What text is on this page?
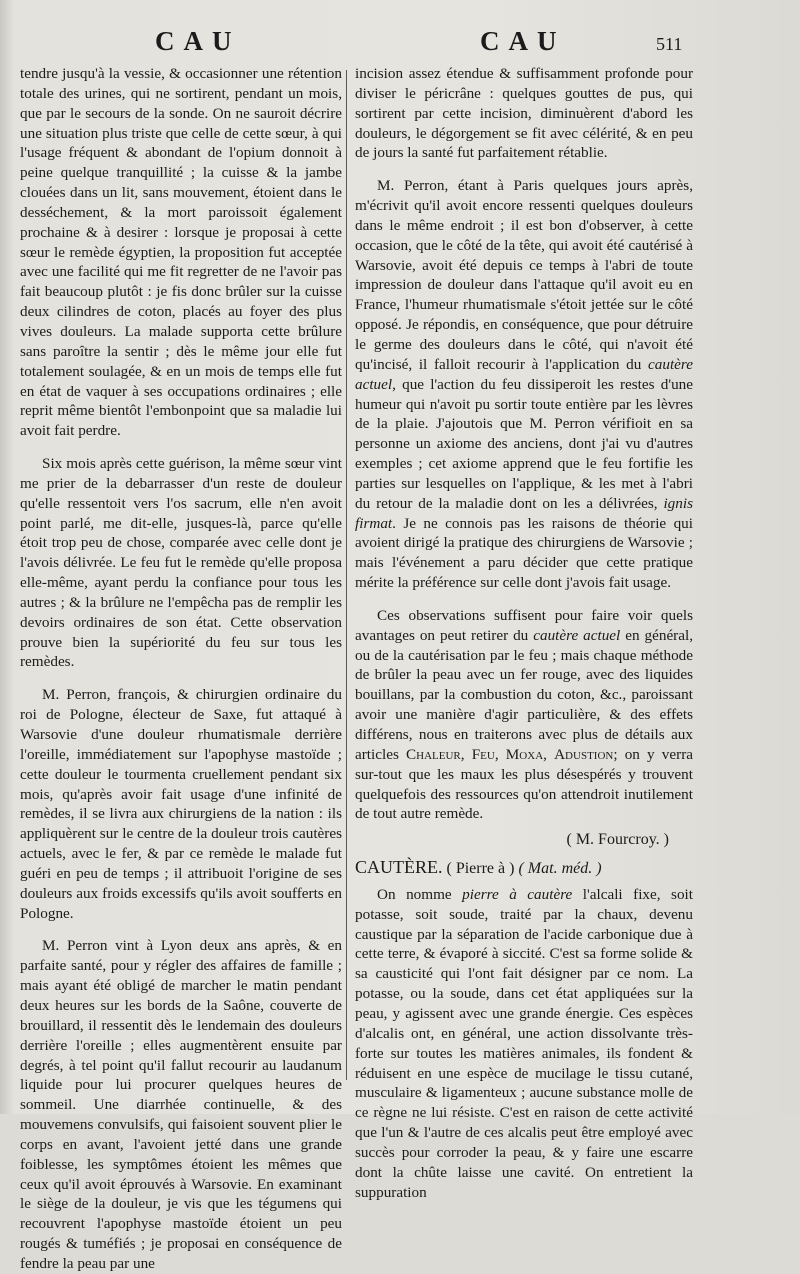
CAU	CAU	511

tendre jusqu'à la vessie, & occasionner une rétention totale des urines, qui ne sortirent, pendant un mois, que par le secours de la sonde. On ne sauroit décrire une situation plus triste que celle de cette sœur, à qui l'usage fréquent & abondant de l'opium donnoit à peine quelque tranquillité ; la cuisse & la jambe clouées dans un lit, sans mouvement, étoient dans le desséchement, & la mort paroissoit également prochaine & à desirer : lorsque je proposai à cette sœur le remède égyptien, la proposition fut acceptée avec une facilité qui me fit regretter de ne l'avoir pas fait beaucoup plutôt : je fis donc brûler sur la cuisse deux cilindres de coton, placés au foyer des plus vives douleurs. La malade supporta cette brûlure sans paroître la sentir ; dès le même jour elle fut totalement soulagée, & en un mois de temps elle fut en état de vaquer à ses occupations ordinaires ; elle reprit même bientôt l'embonpoint que sa maladie lui avoit fait perdre.

Six mois après cette guérison, la même sœur vint me prier de la debarrasser d'un reste de douleur qu'elle ressentoit vers l'os sacrum, elle n'en avoit point parlé, me dit-elle, jusques-là, parce qu'elle étoit trop peu de chose, comparée avec celle dont je l'avois délivrée. Le feu fut le remède qu'elle proposa elle-même, ayant perdu la confiance pour tous les autres ; & la brûlure ne l'empêcha pas de remplir les devoirs ordinaires de son état. Cette observation prouve bien la supériorité du feu sur tous les remèdes.

M. Perron, françois, & chirurgien ordinaire du roi de Pologne, électeur de Saxe, fut attaqué à Warsovie d'une douleur rhumatismale derrière l'oreille, immédiatement sur l'apophyse mastoïde ; cette douleur le tourmenta cruellement pendant six mois, qu'après avoir fait usage d'une infinité de remèdes, il se livra aux chirurgiens de la nation : ils appliquèrent sur le centre de la douleur trois cautères actuels, avec le fer, & par ce remède le malade fut guéri en peu de temps ; il attribuoit l'origine de ses douleurs aux froids excessifs qu'ils avoit soufferts en Pologne.

M. Perron vint à Lyon deux ans après, & en parfaite santé, pour y régler des affaires de famille ; mais ayant été obligé de marcher le matin pendant deux heures sur les bords de la Saône, couverte de brouillard, il ressentit dès le lendemain des douleurs derrière l'oreille ; elles augmentèrent ensuite par degrés, à tel point qu'il fallut recourir au laudanum liquide pour lui procurer quelques heures de sommeil. Une diarrhée continuelle, & des mouvemens convulsifs, qui faisoient souvent plier le corps en avant, l'avoient jetté dans une grande foiblesse, les symptômes étoient les mêmes que ceux qu'il avoit éprouvés à Warsovie. En examinant le siège de la douleur, je vis que les tégumens qui recouvrent l'apophyse mastoïde étoient un peu rougés & tuméfiés ; je proposai en conséquence de fendre la peau par une

incision assez étendue & suffisamment profonde pour diviser le péricrâne : quelques gouttes de pus, qui sortirent par cette incision, diminuèrent d'abord les douleurs, le dégorgement se fit avec célérité, & en peu de jours la santé fut parfaitement rétablie.

M. Perron, étant à Paris quelques jours après, m'écrivit qu'il avoit encore ressenti quelques douleurs dans le même endroit ; il est bon d'observer, à cette occasion, que le côté de la tête, qui avoit été cautérisé à Warsovie, avoit été depuis ce temps à l'abri de toute impression de douleur dans l'attaque qu'il avoit eu en France, l'humeur rhumatismale s'étoit jettée sur le côté opposé. Je répondis, en conséquence, que pour détruire le germe des douleurs dans le côté, qui n'avoit été qu'incisé, il falloit recourir à l'application du cautère actuel, que l'action du feu dissiperoit les restes d'une humeur qui n'avoit pu sortir toute entière par les lèvres de la plaie. J'ajoutois que M. Perron vérifioit en sa personne un axiome des anciens, dont j'ai vu d'autres exemples ; cet axiome apprend que le feu fortifie les parties sur lesquelles on l'applique, & les met à l'abri du retour de la maladie dont on les a délivrées, ignis firmat. Je ne connois pas les raisons de théorie qui avoient dirigé la pratique des chirurgiens de Warsovie ; mais l'événement a paru décider que cette pratique mérite la préférence sur celle dont j'avois fait usage.

Ces observations suffisent pour faire voir quels avantages on peut retirer du cautère actuel en général, ou de la cautérisation par le feu ; mais chaque méthode de brûler la peau avec un fer rouge, avec des liquides bouillans, par la combustion du coton, &c., paroissant avoir une manière d'agir particulière, & des effets différens, nous en traiterons avec plus de détails aux articles Chaleur, Feu, Moxa, Adustion; on y verra sur-tout que les maux les plus désespérés y trouvent quelquefois des ressources qu'on attendroit inutilement de tout autre remède.

( M. Fourcroy. )

CAUTÈRE. ( Pierre à ) ( Mat. méd. )

On nomme pierre à cautère l'alcali fixe, soit potasse, soit soude, traité par la chaux, devenu caustique par la séparation de l'acide carbonique due à cette terre, & évaporé à siccité. C'est sa forme solide & sa causticité qui l'ont fait désigner par ce nom. La potasse, ou la soude, dans cet état appliquées sur la peau, y agissent avec une grande énergie. Ces espèces d'alcalis ont, en général, une action dissolvante très-forte sur toutes les matières animales, ils fondent & réduisent en une espèce de mucilage le tissu cutané, musculaire & ligamenteux ; aucune substance molle de ce règne ne lui résiste. C'est en raison de cette activité que l'un & l'autre de ces alcalis peut être employé avec succès pour corroder la peau, & y faire une escarre dont la chûte laisse une cavité. On entretient la suppuration
